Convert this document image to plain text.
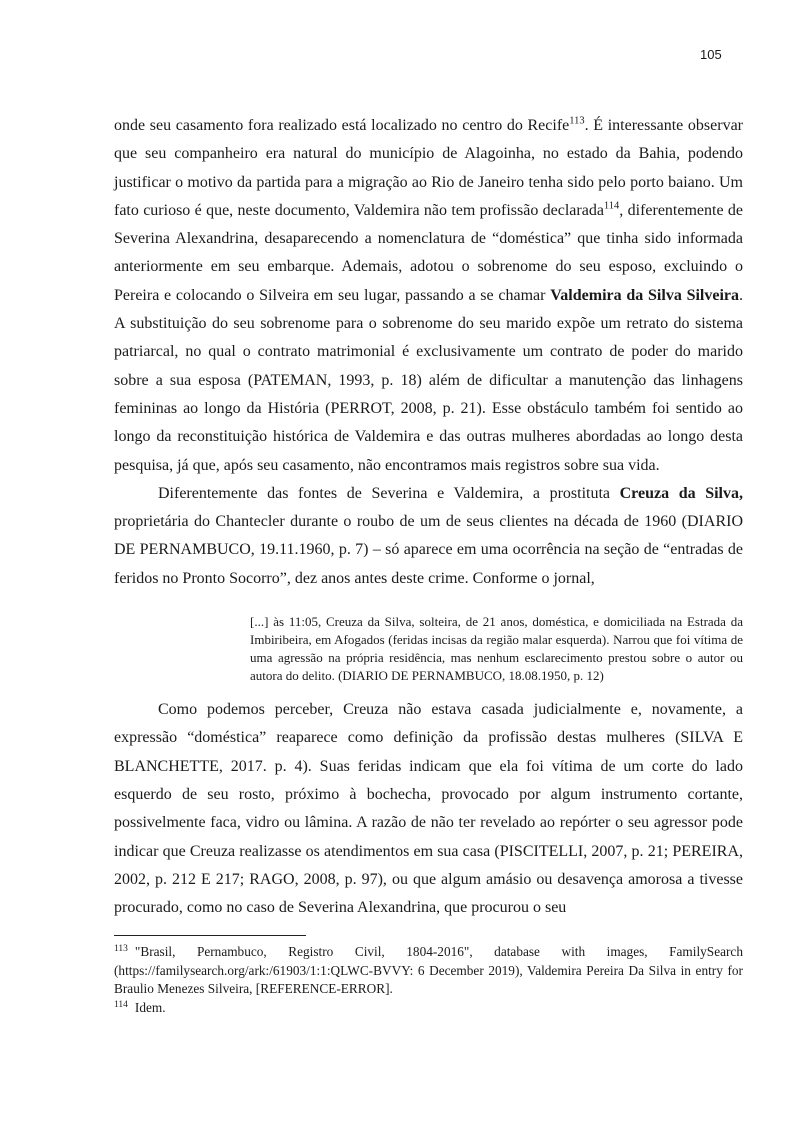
105

onde seu casamento fora realizado está localizado no centro do Recife$^{113}$. É interessante observar que seu companheiro era natural do município de Alagoinha, no estado da Bahia, podendo justificar o motivo da partida para a migração ao Rio de Janeiro tenha sido pelo porto baiano. Um fato curioso é que, neste documento, Valdemira não tem profissão declarada$^{114}$, diferentemente de Severina Alexandrina, desaparecendo a nomenclatura de “doméstica” que tinha sido informada anteriormente em seu embarque. Ademais, adotou o sobrenome do seu esposo, excluindo o Pereira e colocando o Silveira em seu lugar, passando a se chamar Valdemira da Silva Silveira. A substituição do seu sobrenome para o sobrenome do seu marido expõe um retrato do sistema patriarcal, no qual o contrato matrimonial é exclusivamente um contrato de poder do marido sobre a sua esposa (PATEMAN, 1993, p. 18) além de dificultar a manutenção das linhagens femininas ao longo da História (PERROT, 2008, p. 21). Esse obstáculo também foi sentido ao longo da reconstituição histórica de Valdemira e das outras mulheres abordadas ao longo desta pesquisa, já que, após seu casamento, não encontramos mais registros sobre sua vida.

Diferentemente das fontes de Severina e Valdemira, a prostituta Creuza da Silva, proprietária do Chantecler durante o roubo de um de seus clientes na década de 1960 (DIARIO DE PERNAMBUCO, 19.11.1960, p. 7) – só aparece em uma ocorrência na seção de “entradas de feridos no Pronto Socorro”, dez anos antes deste crime. Conforme o jornal,

[...] às 11:05, Creuza da Silva, solteira, de 21 anos, doméstica, e domiciliada na Estrada da Imbiribeira, em Afogados (feridas incisas da região malar esquerda). Narrou que foi vítima de uma agressão na própria residência, mas nenhum esclarecimento prestou sobre o autor ou autora do delito. (DIARIO DE PERNAMBUCO, 18.08.1950, p. 12)

Como podemos perceber, Creuza não estava casada judicialmente e, novamente, a expressão “doméstica” reaparece como definição da profissão destas mulheres (SILVA E BLANCHETTE, 2017. p. 4). Suas feridas indicam que ela foi vítima de um corte do lado esquerdo de seu rosto, próximo à bochecha, provocado por algum instrumento cortante, possivelmente faca, vidro ou lâmina. A razão de não ter revelado ao repórter o seu agressor pode indicar que Creuza realizasse os atendimentos em sua casa (PISCITELLI, 2007, p. 21; PEREIRA, 2002, p. 212 E 217; RAGO, 2008, p. 97), ou que algum amásio ou desavença amorosa a tivesse procurado, como no caso de Severina Alexandrina, que procurou o seu

$^{113}$ "Brasil, Pernambuco, Registro Civil, 1804-2016", database with images, FamilySearch (https://familysearch.org/ark:/61903/1:1:QLWC-BVVY: 6 December 2019), Valdemira Pereira Da Silva in entry for Braulio Menezes Silveira, [REFERENCE-ERROR].

$^{114}$ Idem.
